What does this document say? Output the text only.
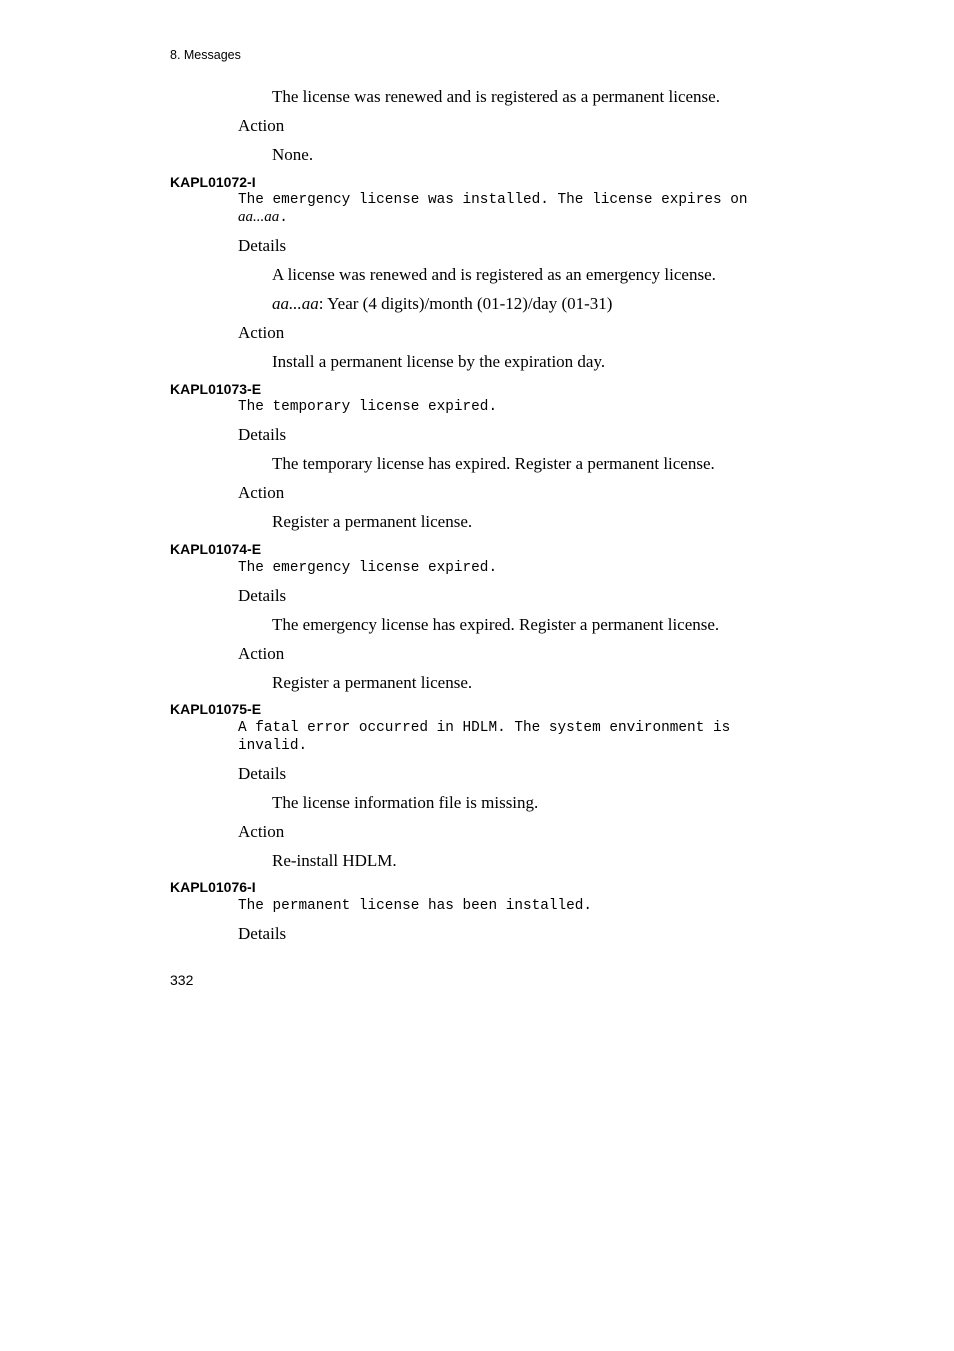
8. Messages
The license was renewed and is registered as a permanent license.
Action
None.
KAPL01072-I
The emergency license was installed. The license expires on
aa...aa.
Details
A license was renewed and is registered as an emergency license.
aa...aa: Year (4 digits)/month (01-12)/day (01-31)
Action
Install a permanent license by the expiration day.
KAPL01073-E
The temporary license expired.
Details
The temporary license has expired. Register a permanent license.
Action
Register a permanent license.
KAPL01074-E
The emergency license expired.
Details
The emergency license has expired. Register a permanent license.
Action
Register a permanent license.
KAPL01075-E
A fatal error occurred in HDLM. The system environment is
invalid.
Details
The license information file is missing.
Action
Re-install HDLM.
KAPL01076-I
The permanent license has been installed.
Details
332
